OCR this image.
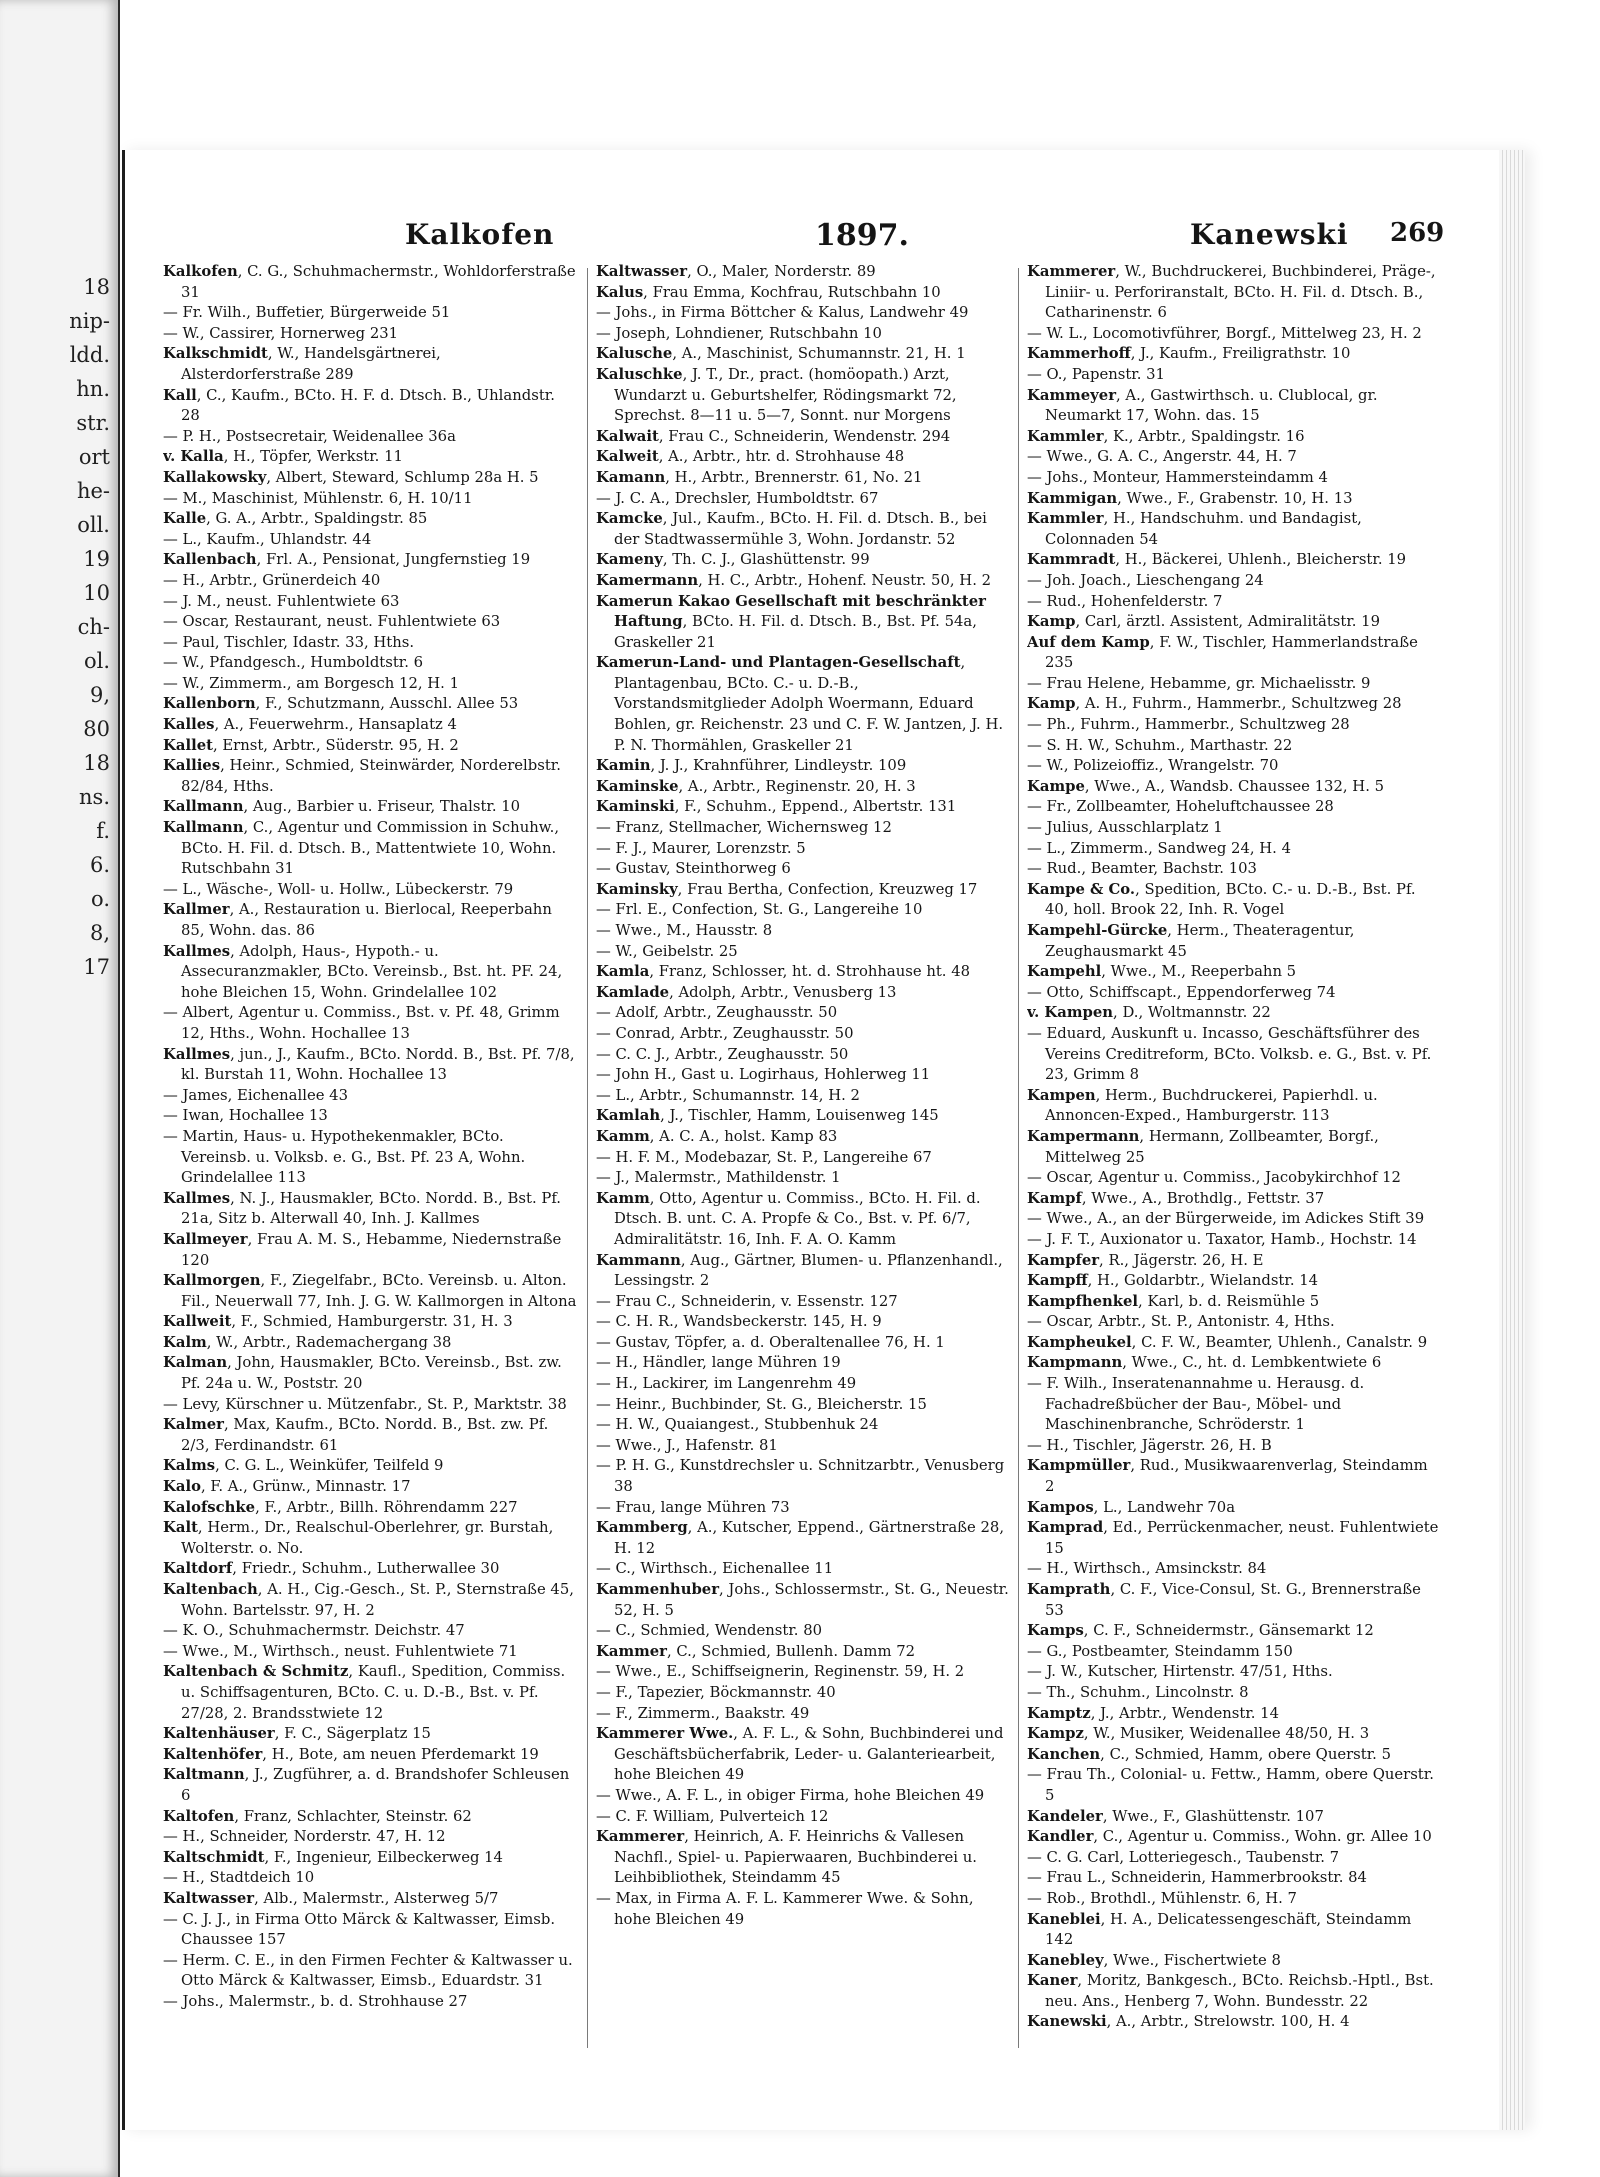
18
nip-
ldd.
hn.
str.
ort
he-
oll.
19
10
ch-
ol.
9,
80
18
ns.
f.
6.
o.
8,
17
Kalkofen	1897.	Kanewski 269

Kalkofen, C. G., Schuhmachermstr., Wohldorferstraße 31

— Fr. Wilh., Buffetier, Bürgerweide 51

— W., Cassirer, Hornerweg 231

Kalkschmidt, W., Handelsgärtnerei, Alsterdorferstraße 289

Kall, C., Kaufm., BCto. H. F. d. Dtsch. B., Uhlandstr. 28

— P. H., Postsecretair, Weidenallee 36a

v. Kalla, H., Töpfer, Werkstr. 11

Kallakowsky, Albert, Steward, Schlump 28a H. 5

— M., Maschinist, Mühlenstr. 6, H. 10/11

Kalle, G. A., Arbtr., Spaldingstr. 85

— L., Kaufm., Uhlandstr. 44

Kallenbach, Frl. A., Pensionat, Jungfernstieg 19

— H., Arbtr., Grünerdeich 40

— J. M., neust. Fuhlentwiete 63

— Oscar, Restaurant, neust. Fuhlentwiete 63

— Paul, Tischler, Idastr. 33, Hths.

— W., Pfandgesch., Humboldtstr. 6

— W., Zimmerm., am Borgesch 12, H. 1

Kallenborn, F., Schutzmann, Ausschl. Allee 53

Kalles, A., Feuerwehrm., Hansaplatz 4

Kallet, Ernst, Arbtr., Süderstr. 95, H. 2

Kallies, Heinr., Schmied, Steinwärder, Norderelbstr. 82/84, Hths.

Kallmann, Aug., Barbier u. Friseur, Thalstr. 10

Kallmann, C., Agentur und Commission in Schuhw., BCto. H. Fil. d. Dtsch. B., Mattentwiete 10, Wohn. Rutschbahn 31

— L., Wäsche-, Woll- u. Hollw., Lübeckerstr. 79

Kallmer, A., Restauration u. Bierlocal, Reeperbahn 85, Wohn. das. 86

Kallmes, Adolph, Haus-, Hypoth.- u. Assecuranzmakler, BCto. Vereinsb., Bst. ht. PF. 24, hohe Bleichen 15, Wohn. Grindelallee 102

— Albert, Agentur u. Commiss., Bst. v. Pf. 48, Grimm 12, Hths., Wohn. Hochallee 13

Kallmes, jun., J., Kaufm., BCto. Nordd. B., Bst. Pf. 7/8, kl. Burstah 11, Wohn. Hochallee 13

— James, Eichenallee 43

— Iwan, Hochallee 13

— Martin, Haus- u. Hypothekenmakler, BCto. Vereinsb. u. Volksb. e. G., Bst. Pf. 23 A, Wohn. Grindelallee 113

Kallmes, N. J., Hausmakler, BCto. Nordd. B., Bst. Pf. 21a, Sitz b. Alterwall 40, Inh. J. Kallmes

Kallmeyer, Frau A. M. S., Hebamme, Niedernstraße 120

Kallmorgen, F., Ziegelfabr., BCto. Vereinsb. u. Alton. Fil., Neuerwall 77, Inh. J. G. W. Kallmorgen in Altona

Kallweit, F., Schmied, Hamburgerstr. 31, H. 3

Kalm, W., Arbtr., Rademachergang 38

Kalman, John, Hausmakler, BCto. Vereinsb., Bst. zw. Pf. 24a u. W., Poststr. 20

— Levy, Kürschner u. Mützenfabr., St. P., Marktstr. 38

Kalmer, Max, Kaufm., BCto. Nordd. B., Bst. zw. Pf. 2/3, Ferdinandstr. 61

Kalms, C. G. L., Weinküfer, Teilfeld 9

Kalo, F. A., Grünw., Minnastr. 17

Kalofschke, F., Arbtr., Billh. Röhrendamm 227

Kalt, Herm., Dr., Realschul-Oberlehrer, gr. Burstah, Wolterstr. o. No.

Kaltdorf, Friedr., Schuhm., Lutherwallee 30

Kaltenbach, A. H., Cig.-Gesch., St. P., Sternstraße 45, Wohn. Bartelsstr. 97, H. 2

— K. O., Schuhmachermstr. Deichstr. 47

— Wwe., M., Wirthsch., neust. Fuhlentwiete 71

Kaltenbach & Schmitz, Kaufl., Spedition, Commiss. u. Schiffsagenturen, BCto. C. u. D.-B., Bst. v. Pf. 27/28, 2. Brandsstwiete 12

Kaltenhäuser, F. C., Sägerplatz 15

Kaltenhöfer, H., Bote, am neuen Pferdemarkt 19

Kaltmann, J., Zugführer, a. d. Brandshofer Schleusen 6

Kaltofen, Franz, Schlachter, Steinstr. 62

— H., Schneider, Norderstr. 47, H. 12

Kaltschmidt, F., Ingenieur, Eilbeckerweg 14

— H., Stadtdeich 10

Kaltwasser, Alb., Malermstr., Alsterweg 5/7

— C. J. J., in Firma Otto Märck & Kaltwasser, Eimsb. Chaussee 157

— Herm. C. E., in den Firmen Fechter & Kaltwasser u. Otto Märck & Kaltwasser, Eimsb., Eduardstr. 31

— Johs., Malermstr., b. d. Strohhause 27

Kaltwasser, O., Maler, Norderstr. 89

Kalus, Frau Emma, Kochfrau, Rutschbahn 10

— Johs., in Firma Böttcher & Kalus, Landwehr 49

— Joseph, Lohndiener, Rutschbahn 10

Kalusche, A., Maschinist, Schumannstr. 21, H. 1

Kaluschke, J. T., Dr., pract. (homöopath.) Arzt, Wundarzt u. Geburtshelfer, Rödingsmarkt 72, Sprechst. 8—11 u. 5—7, Sonnt. nur Morgens

Kalwait, Frau C., Schneiderin, Wendenstr. 294

Kalweit, A., Arbtr., htr. d. Strohhause 48

Kamann, H., Arbtr., Brennerstr. 61, No. 21

— J. C. A., Drechsler, Humboldtstr. 67

Kamcke, Jul., Kaufm., BCto. H. Fil. d. Dtsch. B., bei der Stadtwassermühle 3, Wohn. Jordanstr. 52

Kameny, Th. C. J., Glashüttenstr. 99

Kamermann, H. C., Arbtr., Hohenf. Neustr. 50, H. 2

Kamerun Kakao Gesellschaft mit beschränkter Haftung, BCto. H. Fil. d. Dtsch. B., Bst. Pf. 54a, Graskeller 21

Kamerun-Land- und Plantagen-Gesellschaft, Plantagenbau, BCto. C.- u. D.-B., Vorstandsmitglieder Adolph Woermann, Eduard Bohlen, gr. Reichenstr. 23 und C. F. W. Jantzen, J. H. P. N. Thormählen, Graskeller 21

Kamin, J. J., Krahnführer, Lindleystr. 109

Kaminske, A., Arbtr., Reginenstr. 20, H. 3

Kaminski, F., Schuhm., Eppend., Albertstr. 131

— Franz, Stellmacher, Wichernsweg 12

— F. J., Maurer, Lorenzstr. 5

— Gustav, Steinthorweg 6

Kaminsky, Frau Bertha, Confection, Kreuzweg 17

— Frl. E., Confection, St. G., Langereihe 10

— Wwe., M., Hausstr. 8

— W., Geibelstr. 25

Kamla, Franz, Schlosser, ht. d. Strohhause ht. 48

Kamlade, Adolph, Arbtr., Venusberg 13

— Adolf, Arbtr., Zeughausstr. 50

— Conrad, Arbtr., Zeughausstr. 50

— C. C. J., Arbtr., Zeughausstr. 50

— John H., Gast u. Logirhaus, Hohlerweg 11

— L., Arbtr., Schumannstr. 14, H. 2

Kamlah, J., Tischler, Hamm, Louisenweg 145

Kamm, A. C. A., holst. Kamp 83

— H. F. M., Modebazar, St. P., Langereihe 67

— J., Malermstr., Mathildenstr. 1

Kamm, Otto, Agentur u. Commiss., BCto. H. Fil. d. Dtsch. B. unt. C. A. Propfe & Co., Bst. v. Pf. 6/7, Admiralitätstr. 16, Inh. F. A. O. Kamm

Kammann, Aug., Gärtner, Blumen- u. Pflanzenhandl., Lessingstr. 2

— Frau C., Schneiderin, v. Essenstr. 127

— C. H. R., Wandsbeckerstr. 145, H. 9

— Gustav, Töpfer, a. d. Oberaltenallee 76, H. 1

— H., Händler, lange Mühren 19

— H., Lackirer, im Langenrehm 49

— Heinr., Buchbinder, St. G., Bleicherstr. 15

— H. W., Quaiangest., Stubbenhuk 24

— Wwe., J., Hafenstr. 81

— P. H. G., Kunstdrechsler u. Schnitzarbtr., Venusberg 38

— Frau, lange Mühren 73

Kammberg, A., Kutscher, Eppend., Gärtnerstraße 28, H. 12

— C., Wirthsch., Eichenallee 11

Kammenhuber, Johs., Schlossermstr., St. G., Neuestr. 52, H. 5

— C., Schmied, Wendenstr. 80

Kammer, C., Schmied, Bullenh. Damm 72

— Wwe., E., Schiffseignerin, Reginenstr. 59, H. 2

— F., Tapezier, Böckmannstr. 40

— F., Zimmerm., Baakstr. 49

Kammerer Wwe., A. F. L., & Sohn, Buchbinderei und Geschäftsbücherfabrik, Leder- u. Galanteriearbeit, hohe Bleichen 49

— Wwe., A. F. L., in obiger Firma, hohe Bleichen 49

— C. F. William, Pulverteich 12

Kammerer, Heinrich, A. F. Heinrichs & Vallesen Nachfl., Spiel- u. Papierwaaren, Buchbinderei u. Leihbibliothek, Steindamm 45

— Max, in Firma A. F. L. Kammerer Wwe. & Sohn, hohe Bleichen 49

Kammerer, W., Buchdruckerei, Buchbinderei, Präge-, Liniir- u. Perforiranstalt, BCto. H. Fil. d. Dtsch. B., Catharinenstr. 6

— W. L., Locomotivführer, Borgf., Mittelweg 23, H. 2

Kammerhoff, J., Kaufm., Freiligrathstr. 10

— O., Papenstr. 31

Kammeyer, A., Gastwirthsch. u. Clublocal, gr. Neumarkt 17, Wohn. das. 15

Kammler, K., Arbtr., Spaldingstr. 16

— Wwe., G. A. C., Angerstr. 44, H. 7

— Johs., Monteur, Hammersteindamm 4

Kammigan, Wwe., F., Grabenstr. 10, H. 13

Kammler, H., Handschuhm. und Bandagist, Colonnaden 54

Kammradt, H., Bäckerei, Uhlenh., Bleicherstr. 19

— Joh. Joach., Lieschengang 24

— Rud., Hohenfelderstr. 7

Kamp, Carl, ärztl. Assistent, Admiralitätstr. 19

Auf dem Kamp, F. W., Tischler, Hammerlandstraße 235

— Frau Helene, Hebamme, gr. Michaelisstr. 9

Kamp, A. H., Fuhrm., Hammerbr., Schultzweg 28

— Ph., Fuhrm., Hammerbr., Schultzweg 28

— S. H. W., Schuhm., Marthastr. 22

— W., Polizeioffiz., Wrangelstr. 70

Kampe, Wwe., A., Wandsb. Chaussee 132, H. 5

— Fr., Zollbeamter, Hoheluftchaussee 28

— Julius, Ausschlarplatz 1

— L., Zimmerm., Sandweg 24, H. 4

— Rud., Beamter, Bachstr. 103

Kampe & Co., Spedition, BCto. C.- u. D.-B., Bst. Pf. 40, holl. Brook 22, Inh. R. Vogel

Kampehl-Gürcke, Herm., Theateragentur, Zeughausmarkt 45

Kampehl, Wwe., M., Reeperbahn 5

— Otto, Schiffscapt., Eppendorferweg 74

v. Kampen, D., Woltmannstr. 22

— Eduard, Auskunft u. Incasso, Geschäftsführer des Vereins Creditreform, BCto. Volksb. e. G., Bst. v. Pf. 23, Grimm 8

Kampen, Herm., Buchdruckerei, Papierhdl. u. Annoncen-Exped., Hamburgerstr. 113

Kampermann, Hermann, Zollbeamter, Borgf., Mittelweg 25

— Oscar, Agentur u. Commiss., Jacobykirchhof 12

Kampf, Wwe., A., Brothdlg., Fettstr. 37

— Wwe., A., an der Bürgerweide, im Adickes Stift 39

— J. F. T., Auxionator u. Taxator, Hamb., Hochstr. 14

Kampfer, R., Jägerstr. 26, H. E

Kampff, H., Goldarbtr., Wielandstr. 14

Kampfhenkel, Karl, b. d. Reismühle 5

— Oscar, Arbtr., St. P., Antonistr. 4, Hths.

Kampheukel, C. F. W., Beamter, Uhlenh., Canalstr. 9

Kampmann, Wwe., C., ht. d. Lembkentwiete 6

— F. Wilh., Inseratenannahme u. Herausg. d. Fachadreßbücher der Bau-, Möbel- und Maschinenbranche, Schröderstr. 1

— H., Tischler, Jägerstr. 26, H. B

Kampmüller, Rud., Musikwaarenverlag, Steindamm 2

Kampos, L., Landwehr 70a

Kamprad, Ed., Perrückenmacher, neust. Fuhlentwiete 15

— H., Wirthsch., Amsinckstr. 84

Kamprath, C. F., Vice-Consul, St. G., Brennerstraße 53

Kamps, C. F., Schneidermstr., Gänsemarkt 12

— G., Postbeamter, Steindamm 150

— J. W., Kutscher, Hirtenstr. 47/51, Hths.

— Th., Schuhm., Lincolnstr. 8

Kamptz, J., Arbtr., Wendenstr. 14

Kampz, W., Musiker, Weidenallee 48/50, H. 3

Kanchen, C., Schmied, Hamm, obere Querstr. 5

— Frau Th., Colonial- u. Fettw., Hamm, obere Querstr. 5

Kandeler, Wwe., F., Glashüttenstr. 107

Kandler, C., Agentur u. Commiss., Wohn. gr. Allee 10

— C. G. Carl, Lotteriegesch., Taubenstr. 7

— Frau L., Schneiderin, Hammerbrookstr. 84

— Rob., Brothdl., Mühlenstr. 6, H. 7

Kaneblei, H. A., Delicatessengeschäft, Steindamm 142

Kanebley, Wwe., Fischertwiete 8

Kaner, Moritz, Bankgesch., BCto. Reichsb.-Hptl., Bst. neu. Ans., Henberg 7, Wohn. Bundesstr. 22

Kanewski, A., Arbtr., Strelowstr. 100, H. 4
